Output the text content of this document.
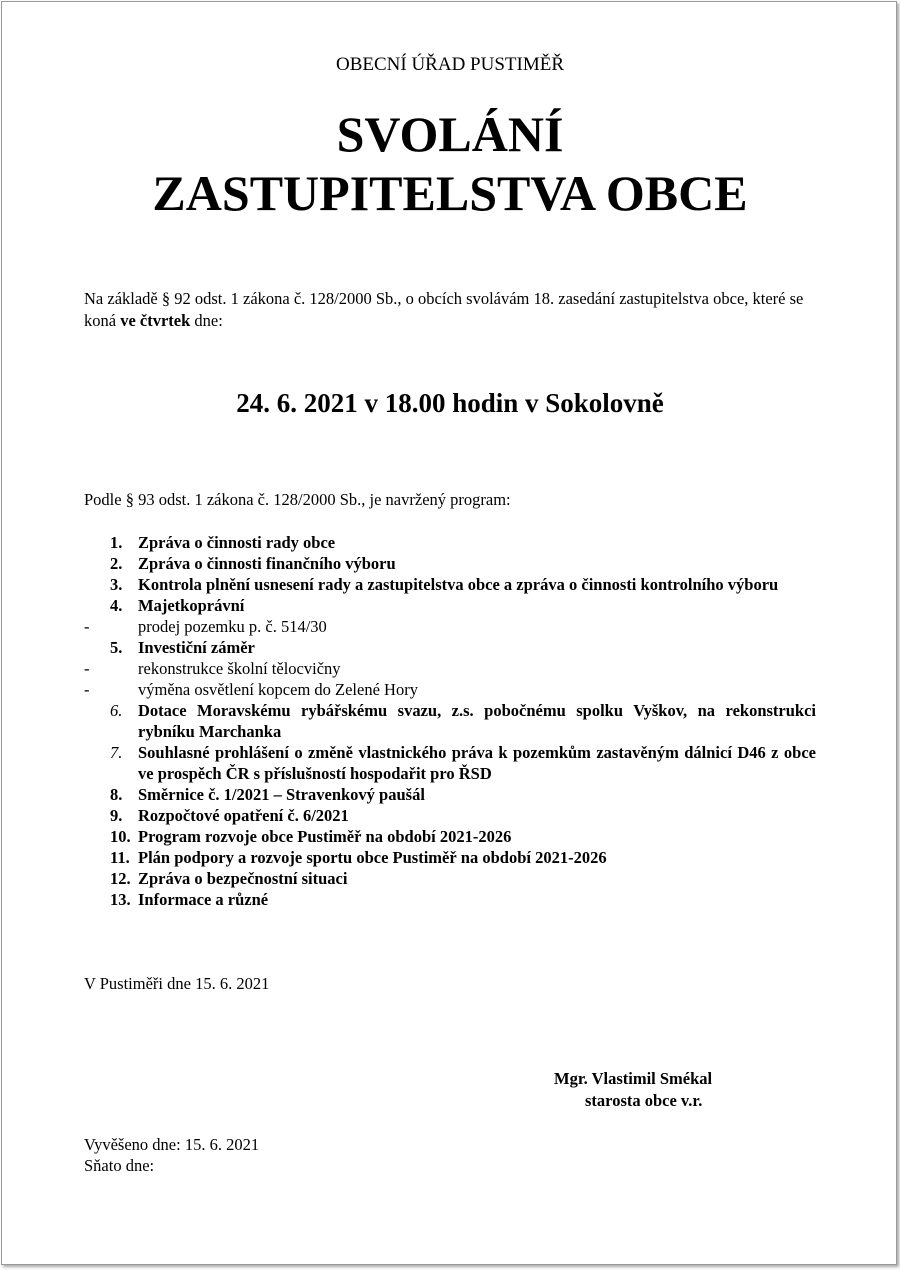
OBECNÍ ÚŘAD PUSTIMĚŘ
SVOLÁNÍ
ZASTUPITELSTVA OBCE
Na základě § 92 odst. 1 zákona č. 128/2000 Sb., o obcích svolávám 18. zasedání zastupitelstva obce, které se koná ve čtvrtek dne:
24. 6. 2021 v 18.00 hodin v Sokolovně
Podle § 93 odst. 1 zákona č. 128/2000 Sb., je navržený program:
1. Zpráva o činnosti rady obce
2. Zpráva o činnosti finančního výboru
3. Kontrola plnění usnesení rady a zastupitelstva obce a zpráva o činnosti kontrolního výboru
4. Majetkoprávní
-	prodej pozemku p. č. 514/30
5. Investiční záměr
-	rekonstrukce školní tělocvičny
-	výměna osvětlení kopcem do Zelené Hory
6. Dotace Moravskému rybářskému svazu, z.s. pobočnému spolku Vyškov, na rekonstrukci rybníku Marchanka
7. Souhlasné prohlášení o změně vlastnického práva k pozemkům zastavěným dálnicí D46 z obce ve prospěch ČR s příslušností hospodařit pro ŘSD
8. Směrnice č. 1/2021 – Stravenkový paušál
9. Rozpočtové opatření č. 6/2021
10. Program rozvoje obce Pustiměř na období 2021-2026
11. Plán podpory a rozvoje sportu obce Pustiměř na období 2021-2026
12. Zpráva o bezpečnostní situaci
13. Informace a různé
V Pustiměři dne 15. 6. 2021
Mgr. Vlastimil Smékal
starosta obce v.r.
Vyvěšeno dne: 15. 6. 2021
Sňato dne:
